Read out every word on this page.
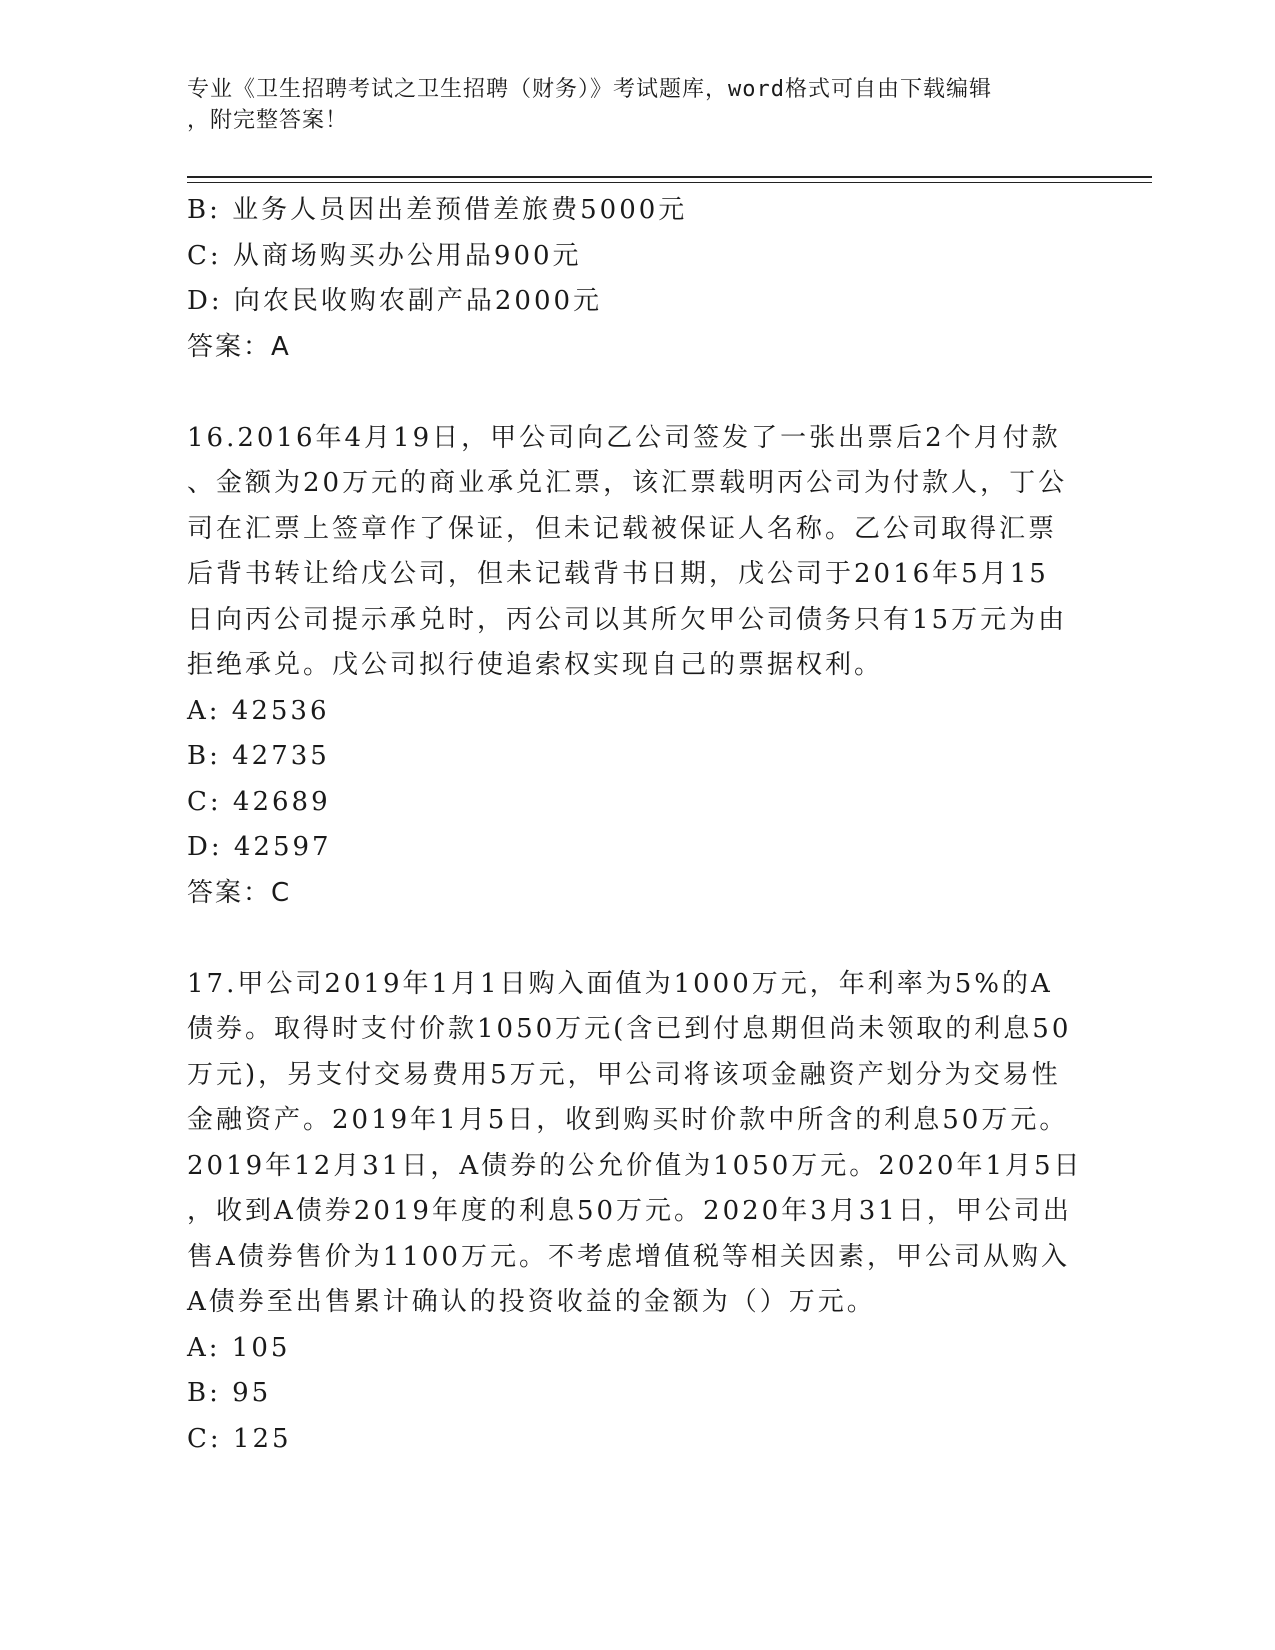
专业《卫生招聘考试之卫生招聘（财务）》考试题库，word格式可自由下载编辑
，附完整答案！
B: 业务人员因出差预借差旅费5000元
C: 从商场购买办公用品900元
D: 向农民收购农副产品2000元
答案：A
16.2016年4月19日，甲公司向乙公司签发了一张出票后2个月付款
、金额为20万元的商业承兑汇票，该汇票载明丙公司为付款人，丁公
司在汇票上签章作了保证，但未记载被保证人名称。乙公司取得汇票
后背书转让给戊公司，但未记载背书日期，戊公司于2016年5月15
日向丙公司提示承兑时，丙公司以其所欠甲公司债务只有15万元为由
拒绝承兑。戊公司拟行使追索权实现自己的票据权利。
A: 42536
B: 42735
C: 42689
D: 42597
答案：C
17.甲公司2019年1月1日购入面值为1000万元，年利率为5%的A
债券。取得时支付价款1050万元(含已到付息期但尚未领取的利息50
万元)，另支付交易费用5万元，甲公司将该项金融资产划分为交易性
金融资产。2019年1月5日，收到购买时价款中所含的利息50万元。
2019年12月31日，A债券的公允价值为1050万元。2020年1月5日
，收到A债券2019年度的利息50万元。2020年3月31日，甲公司出
售A债券售价为1100万元。不考虑增值税等相关因素，甲公司从购入
A债券至出售累计确认的投资收益的金额为（）万元。
A: 105
B: 95
C: 125
